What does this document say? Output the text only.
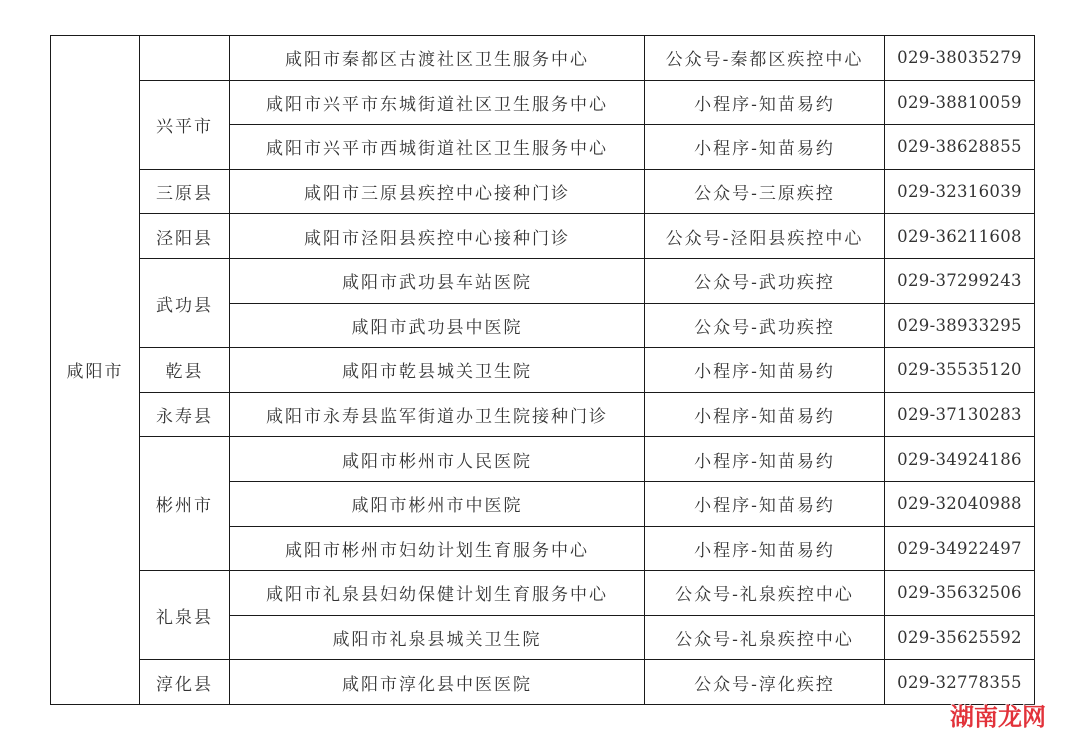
咸阳市		咸阳市秦都区古渡社区卫生服务中心	公众号-秦都区疾控中心	029-38035279
	兴平市	咸阳市兴平市东城街道社区卫生服务中心	小程序-知苗易约	029-38810059
		咸阳市兴平市西城街道社区卫生服务中心	小程序-知苗易约	029-38628855
	三原县	咸阳市三原县疾控中心接种门诊	公众号-三原疾控	029-32316039
	泾阳县	咸阳市泾阳县疾控中心接种门诊	公众号-泾阳县疾控中心	029-36211608
	武功县	咸阳市武功县车站医院	公众号-武功疾控	029-37299243
		咸阳市武功县中医院	公众号-武功疾控	029-38933295
	乾县	咸阳市乾县城关卫生院	小程序-知苗易约	029-35535120
	永寿县	咸阳市永寿县监军街道办卫生院接种门诊	小程序-知苗易约	029-37130283
	彬州市	咸阳市彬州市人民医院	小程序-知苗易约	029-34924186
		咸阳市彬州市中医院	小程序-知苗易约	029-32040988
		咸阳市彬州市妇幼计划生育服务中心	小程序-知苗易约	029-34922497
	礼泉县	咸阳市礼泉县妇幼保健计划生育服务中心	公众号-礼泉疾控中心	029-35632506
		咸阳市礼泉县城关卫生院	公众号-礼泉疾控中心	029-35625592
	淳化县	咸阳市淳化县中医医院	公众号-淳化疾控	029-32778355
湖南龙网
